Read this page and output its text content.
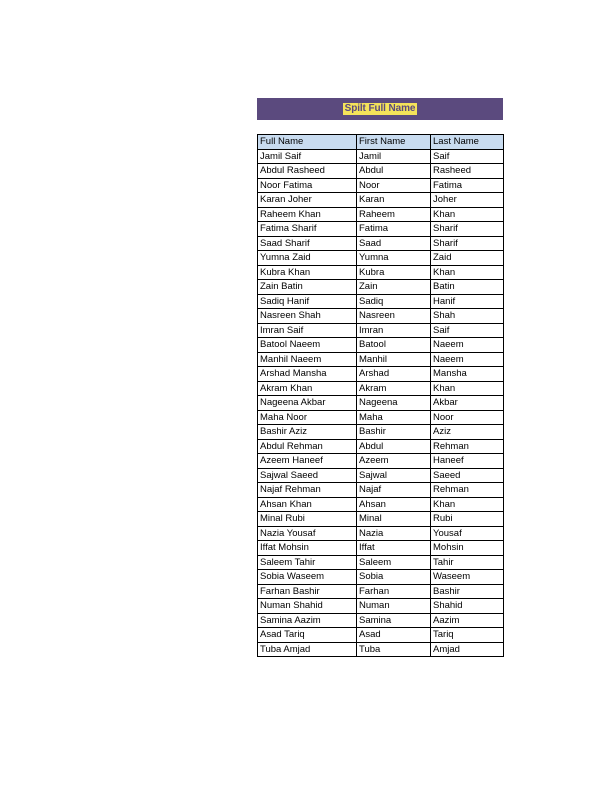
Spilt Full Name
Full Name	First Name	Last Name
Jamil Saif	Jamil	Saif
Abdul Rasheed	Abdul	Rasheed
Noor Fatima	Noor	Fatima
Karan Joher	Karan	Joher
Raheem Khan	Raheem	Khan
Fatima Sharif	Fatima	Sharif
Saad Sharif	Saad	Sharif
Yumna Zaid	Yumna	Zaid
Kubra Khan	Kubra	Khan
Zain Batin	Zain	Batin
Sadiq Hanif	Sadiq	Hanif
Nasreen Shah	Nasreen	Shah
Imran Saif	Imran	Saif
Batool Naeem	Batool	Naeem
Manhil Naeem	Manhil	Naeem
Arshad Mansha	Arshad	Mansha
Akram Khan	Akram	Khan
Nageena Akbar	Nageena	Akbar
Maha Noor	Maha	Noor
Bashir Aziz	Bashir	Aziz
Abdul Rehman	Abdul	Rehman
Azeem Haneef	Azeem	Haneef
Sajwal Saeed	Sajwal	Saeed
Najaf Rehman	Najaf	Rehman
Ahsan Khan	Ahsan	Khan
Minal Rubi	Minal	Rubi
Nazia Yousaf	Nazia	Yousaf
Iffat Mohsin	Iffat	Mohsin
Saleem Tahir	Saleem	Tahir
Sobia Waseem	Sobia	Waseem
Farhan Bashir	Farhan	Bashir
Numan Shahid	Numan	Shahid
Samina Aazim	Samina	Aazim
Asad Tariq	Asad	Tariq
Tuba Amjad	Tuba	Amjad
